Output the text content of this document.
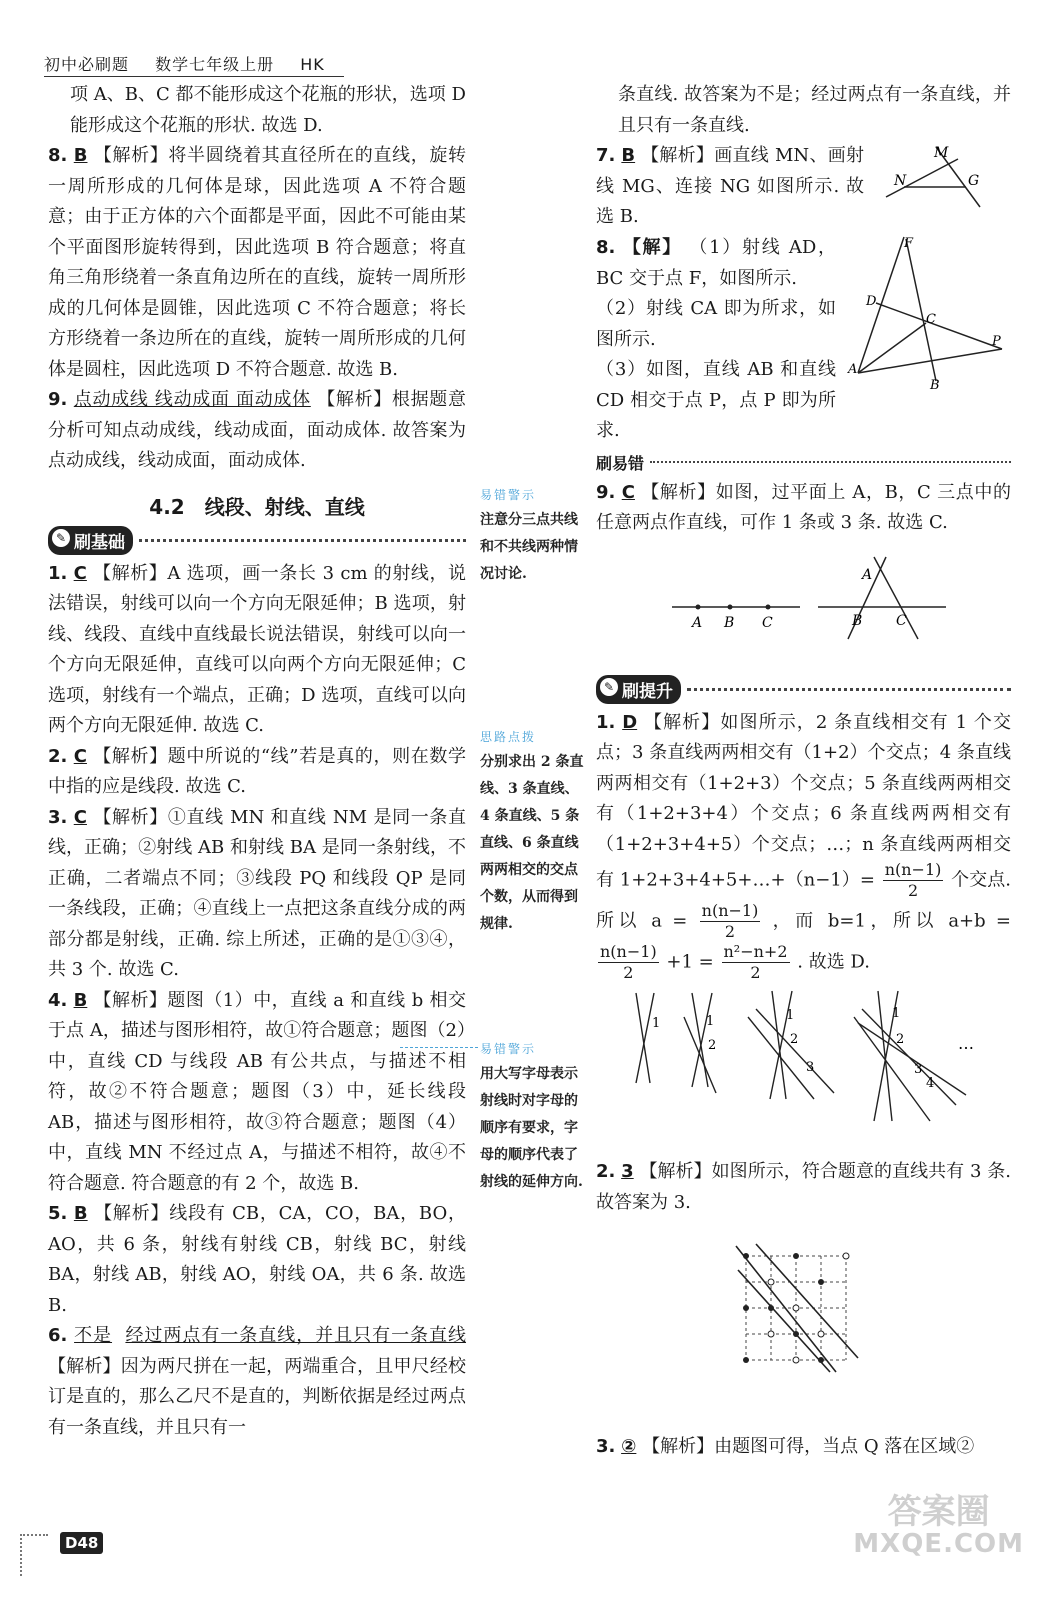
初中必刷题 数学七年级上册 HK

项 A、B、C 都不能形成这个花瓶的形状，选项 D 能形成这个花瓶的形状. 故选 D.

8. B 【解析】将半圆绕着其直径所在的直线，旋转一周所形成的几何体是球，因此选项 A 不符合题意；由于正方体的六个面都是平面，因此不可能由某个平面图形旋转得到，因此选项 B 符合题意；将直角三角形绕着一条直角边所在的直线，旋转一周所形成的几何体是圆锥，因此选项 C 不符合题意；将长方形绕着一条边所在的直线，旋转一周所形成的几何体是圆柱，因此选项 D 不符合题意. 故选 B.

9. 点动成线 线动成面 面动成体 【解析】根据题意分析可知点动成线，线动成面，面动成体. 故答案为点动成线，线动成面，面动成体.

4.2　线段、射线、直线
✎ 刷基础

1. C 【解析】A 选项，画一条长 3 cm 的射线，说法错误，射线可以向一个方向无限延伸；B 选项，射线、线段、直线中直线最长说法错误，射线可以向一个方向无限延伸，直线可以向两个方向无限延伸；C 选项，射线有一个端点，正确；D 选项，直线可以向两个方向无限延伸. 故选 C.

2. C 【解析】题中所说的“线”若是真的，则在数学中指的应是线段. 故选 C.

3. C 【解析】①直线 MN 和直线 NM 是同一条直线，正确；②射线 AB 和射线 BA 是同一条射线，不正确，二者端点不同；③线段 PQ 和线段 QP 是同一条线段，正确；④直线上一点把这条直线分成的两部分都是射线，正确. 综上所述，正确的是①③④，共 3 个. 故选 C.

4. B 【解析】题图（1）中，直线 a 和直线 b 相交于点 A，描述与图形相符，故①符合题意；题图（2）中，直线 CD 与线段 AB 有公共点，与描述不相符，故②不符合题意；题图（3）中，延长线段 AB，描述与图形相符，故③符合题意；题图（4）中，直线 MN 不经过点 A，与描述不相符，故④不符合题意. 符合题意的有 2 个，故选 B.

5. B 【解析】线段有 CB，CA，CO，BA，BO，AO，共 6 条，射线有射线 CB，射线 BC，射线 BA，射线 AB，射线 AO，射线 OA，共 6 条. 故选 B.

6. 不是 经过两点有一条直线，并且只有一条直线 【解析】因为两尺拼在一起，两端重合，且甲尺经校订是直的，那么乙尺不是直的，判断依据是经过两点有一条直线，并且只有一

易错警示

注意分三点共线和不共线两种情况讨论.

思路点拨

分别求出 2 条直线、3 条直线、4 条直线、5 条直线、6 条直线两两相交的交点个数，从而得到规律.

易错警示

用大写字母表示射线时对字母的顺序有要求，字母的顺序代表了射线的延伸方向.

条直线. 故答案为不是；经过两点有一条直线，并且只有一条直线.

7. B 【解析】画直线 MN、画射线 MG、连接 NG 如图所示. 故选 B.

M
N	G

8. 【解】 （1）射线 AD，BC 交于点 F，如图所示.

（2）射线 CA 即为所求，如图所示.

（3）如图，直线 AB 和直线 CD 相交于点 P，点 P 即为所求.

F
D
C
P
A
B
刷易错

9. C 【解析】如图，过平面上 A，B，C 三点中的任意两点作直线，可作 1 条或 3 条. 故选 C.

A B C
A
B C
✎ 刷提升

1. D 【解析】如图所示，2 条直线相交有 1 个交点；3 条直线两两相交有（1+2）个交点；4 条直线两两相交有（1+2+3）个交点；5 条直线两两相交有（1+2+3+4）个交点；6 条直线两两相交有（1+2+3+4+5）个交点；…；n 条直线两两相交有 1+2+3+4+5+…+（n−1）= $\frac{n(n-1)}{2}$ 个交点. 所以 $a = \frac{n(n-1)}{2}$ ，而 b=1，所以 a+b =
$\frac{n(n-1)}{2} +1 = \frac{\text{n²−n+2}}{2}$ . 故选 D.

1	1
2
1
2
3
1
2
3
4
…

2. 3 【解析】如图所示，符合题意的直线共有 3 条. 故答案为 3.

3. ② 【解析】由题图可得，当点 Q 落在区域②

D48
答案圈
MXQE.COM
